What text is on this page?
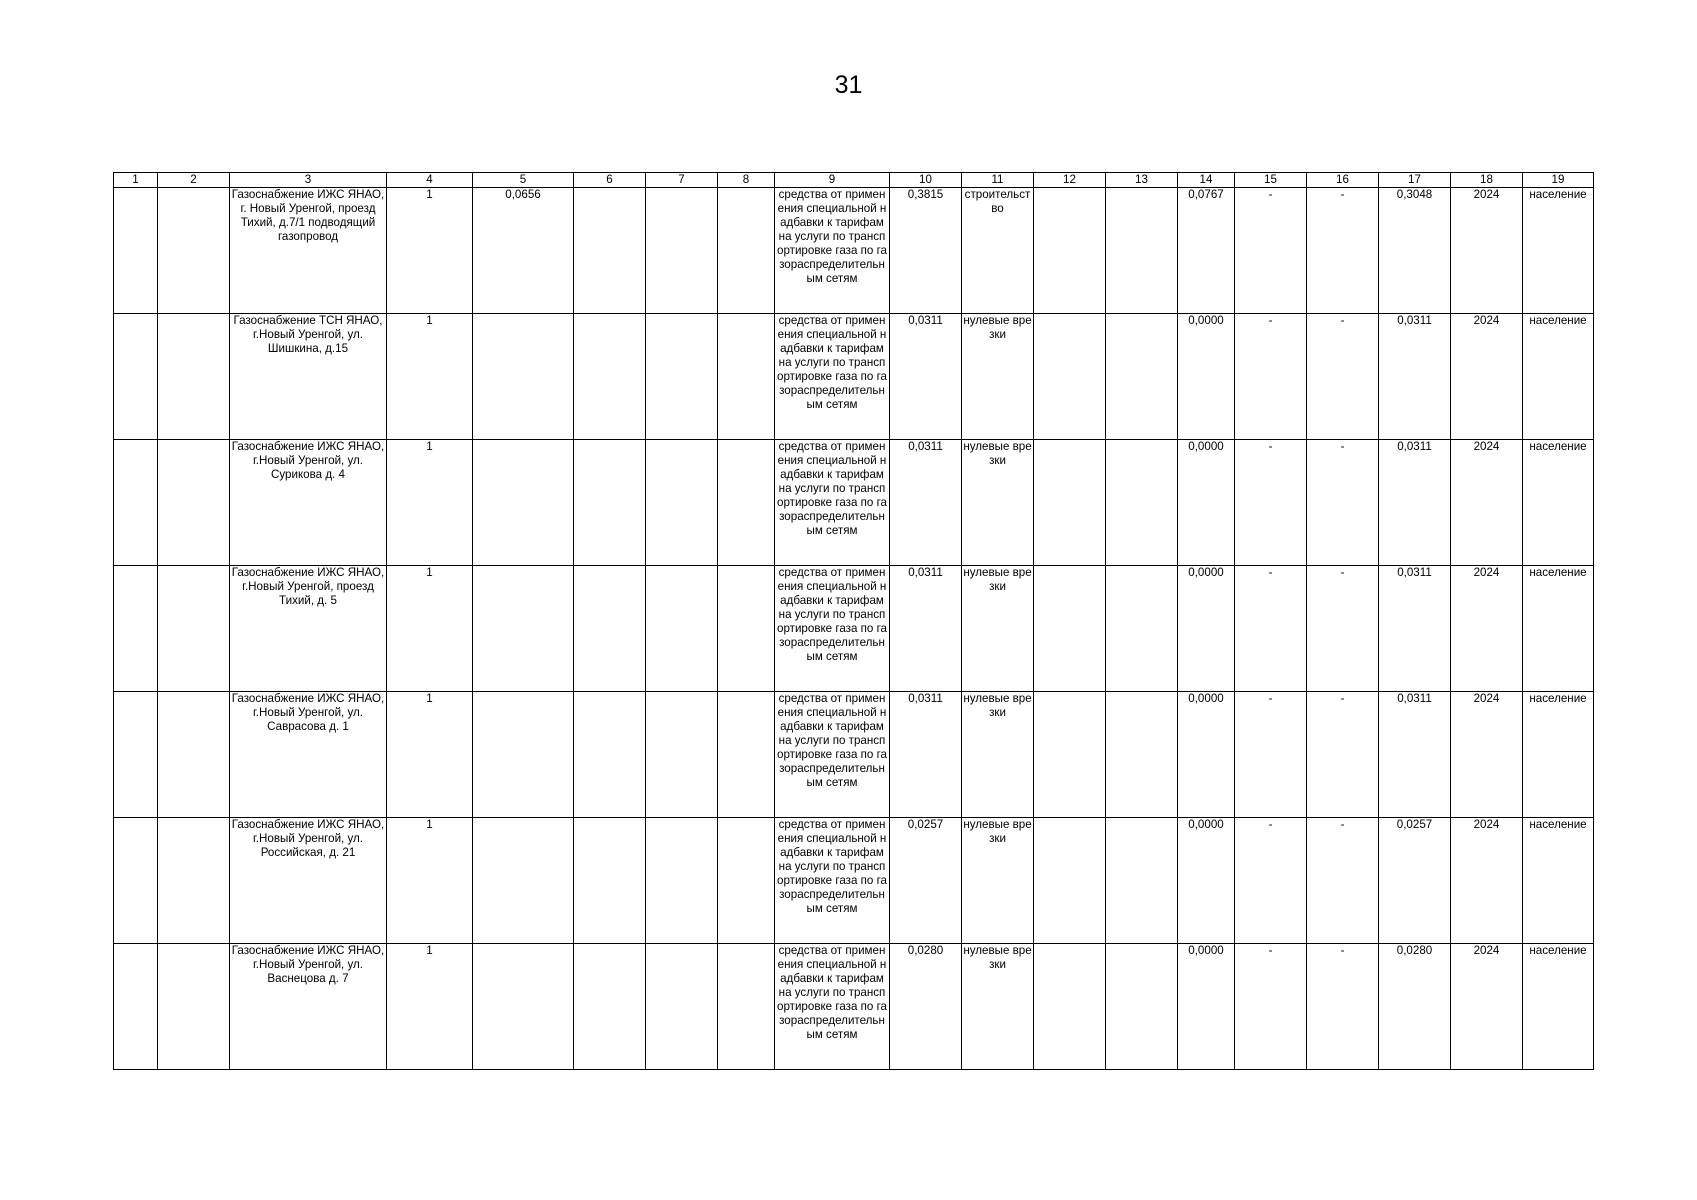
31
1	2	3	4	5	6	7	8	9	10	11	12	13	14	15	16	17	18	19
		Газоснабжение ИЖС ЯНАО, г. Новый Уренгой, проезд Тихий, д.7/1 подводящий газопровод	1	0,0656				средства от применения специальной надбавки к тарифам на услуги по транспортировке газа по газораспределительным сетям	0,3815	строительство			0,0767	-	-	0,3048	2024	население
		Газоснабжение ТСН ЯНАО, г.Новый Уренгой, ул. Шишкина, д.15	1					средства от применения специальной надбавки к тарифам на услуги по транспортировке газа по газораспределительным сетям	0,0311	нулевые врезки			0,0000	-	-	0,0311	2024	население
		Газоснабжение ИЖС ЯНАО, г.Новый Уренгой, ул. Сурикова д. 4	1					средства от применения специальной надбавки к тарифам на услуги по транспортировке газа по газораспределительным сетям	0,0311	нулевые врезки			0,0000	-	-	0,0311	2024	население
		Газоснабжение ИЖС ЯНАО, г.Новый Уренгой, проезд Тихий, д. 5	1					средства от применения специальной надбавки к тарифам на услуги по транспортировке газа по газораспределительным сетям	0,0311	нулевые врезки			0,0000	-	-	0,0311	2024	население
		Газоснабжение ИЖС ЯНАО, г.Новый Уренгой, ул. Саврасова д. 1	1					средства от применения специальной надбавки к тарифам на услуги по транспортировке газа по газораспределительным сетям	0,0311	нулевые врезки			0,0000	-	-	0,0311	2024	население
		Газоснабжение ИЖС ЯНАО, г.Новый Уренгой, ул. Российская, д. 21	1					средства от применения специальной надбавки к тарифам на услуги по транспортировке газа по газораспределительным сетям	0,0257	нулевые врезки			0,0000	-	-	0,0257	2024	население
		Газоснабжение ИЖС ЯНАО, г.Новый Уренгой, ул. Васнецова д. 7	1					средства от применения специальной надбавки к тарифам на услуги по транспортировке газа по газораспределительным сетям	0,0280	нулевые врезки			0,0000	-	-	0,0280	2024	население
